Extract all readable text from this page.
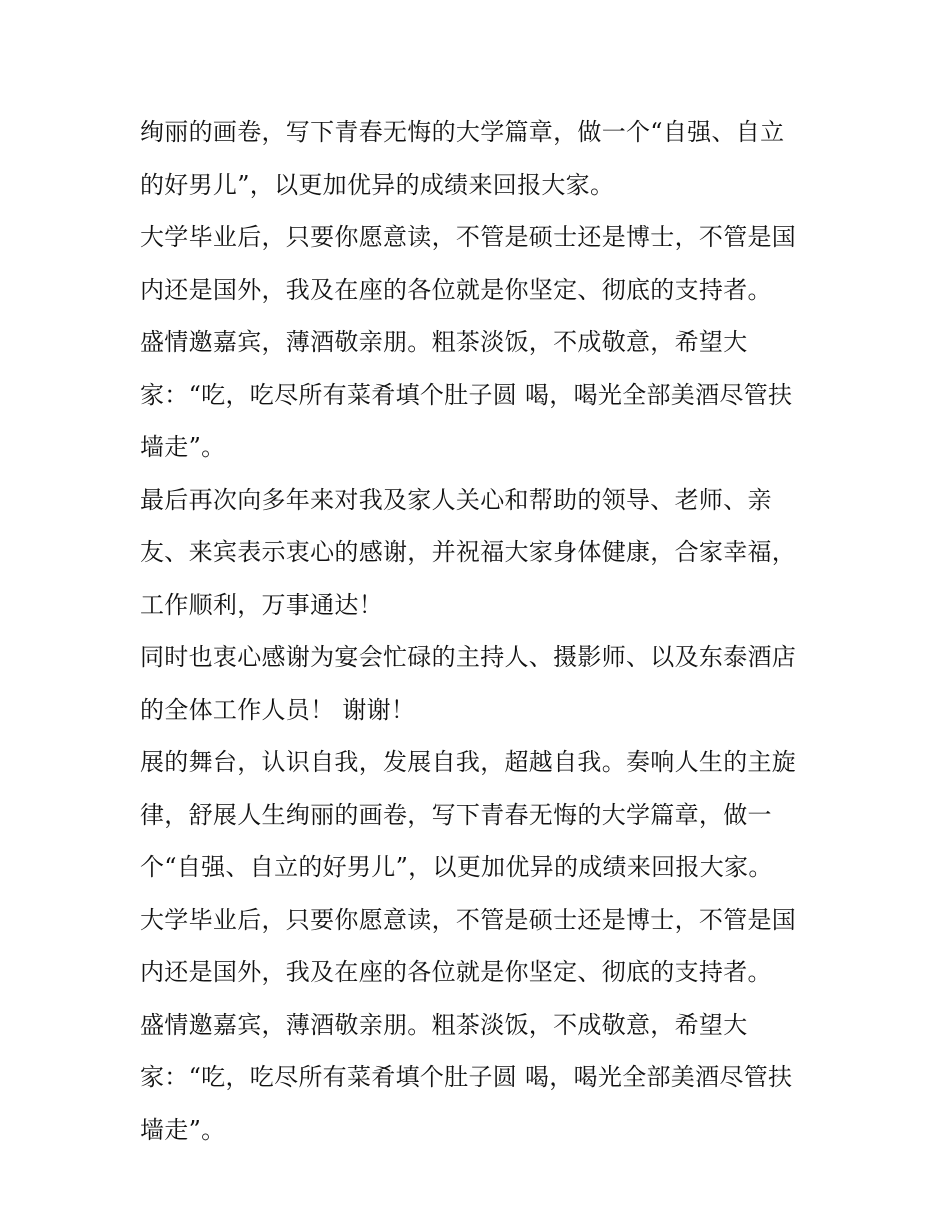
绚丽的画卷，写下青春无悔的大学篇章，做一个“自强、自立
的好男儿”，以更加优异的成绩来回报大家。
大学毕业后，只要你愿意读，不管是硕士还是博士，不管是国
内还是国外，我及在座的各位就是你坚定、彻底的支持者。
盛情邀嘉宾，薄酒敬亲朋。粗茶淡饭，不成敬意，希望大
家：“吃，吃尽所有菜肴填个肚子圆 喝，喝光全部美酒尽管扶
墙走”。
最后再次向多年来对我及家人关心和帮助的领导、老师、亲
友、来宾表示衷心的感谢，并祝福大家身体健康，合家幸福，
工作顺利，万事通达！
同时也衷心感谢为宴会忙碌的主持人、摄影师、以及东泰酒店
的全体工作人员！ 谢谢！
展的舞台，认识自我，发展自我，超越自我。奏响人生的主旋
律，舒展人生绚丽的画卷，写下青春无悔的大学篇章，做一
个“自强、自立的好男儿”，以更加优异的成绩来回报大家。
大学毕业后，只要你愿意读，不管是硕士还是博士，不管是国
内还是国外，我及在座的各位就是你坚定、彻底的支持者。
盛情邀嘉宾，薄酒敬亲朋。粗茶淡饭，不成敬意，希望大
家：“吃，吃尽所有菜肴填个肚子圆 喝，喝光全部美酒尽管扶
墙走”。
